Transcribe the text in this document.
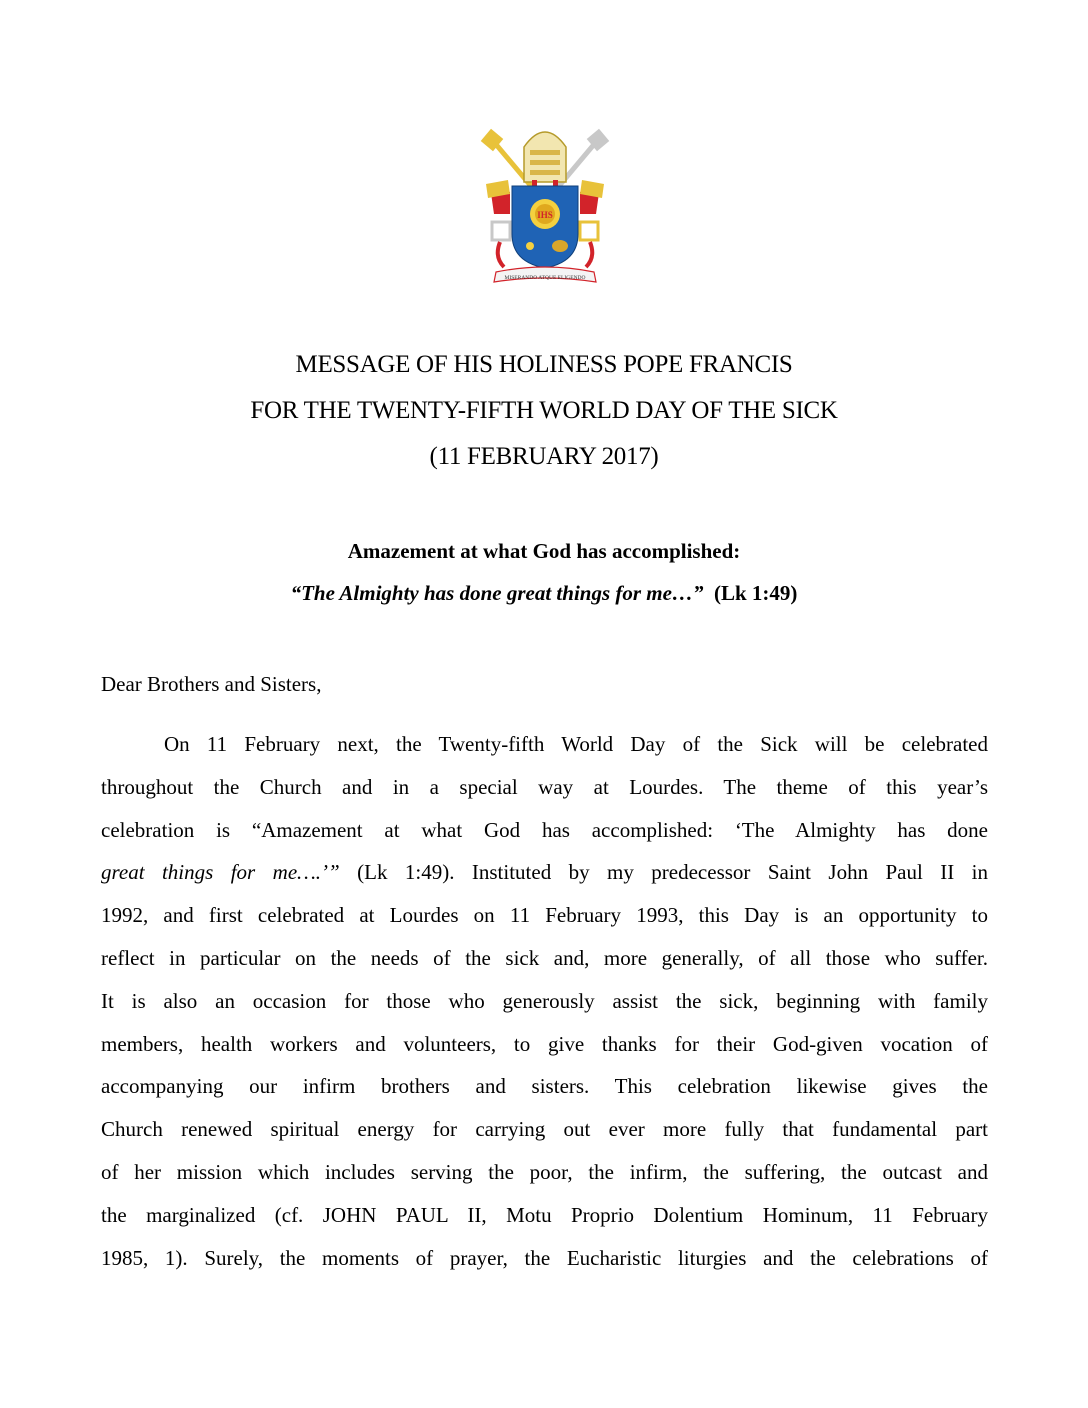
IHS
MISERANDO ATQUE ELIGENDO
MESSAGE OF HIS HOLINESS POPE FRANCIS
FOR THE TWENTY-FIFTH WORLD DAY OF THE SICK
(11 FEBRUARY 2017)
Amazement at what God has accomplished:
“The Almighty has done great things for me…” (Lk 1:49)
Dear Brothers and Sisters,
On 11 February next, the Twenty-fifth World Day of the Sick will be celebrated
throughout the Church and in a special way at Lourdes. The theme of this year’s
celebration is “Amazement at what God has accomplished: ‘The Almighty has done
great things for me….’” (Lk 1:49). Instituted by my predecessor Saint John Paul II in
1992, and first celebrated at Lourdes on 11 February 1993, this Day is an opportunity to
reflect in particular on the needs of the sick and, more generally, of all those who suffer.
It is also an occasion for those who generously assist the sick, beginning with family
members, health workers and volunteers, to give thanks for their God-given vocation of
accompanying our infirm brothers and sisters. This celebration likewise gives the
Church renewed spiritual energy for carrying out ever more fully that fundamental part
of her mission which includes serving the poor, the infirm, the suffering, the outcast and
the marginalized (cf. JOHN PAUL II, Motu Proprio Dolentium Hominum, 11 February
1985, 1). Surely, the moments of prayer, the Eucharistic liturgies and the celebrations of
